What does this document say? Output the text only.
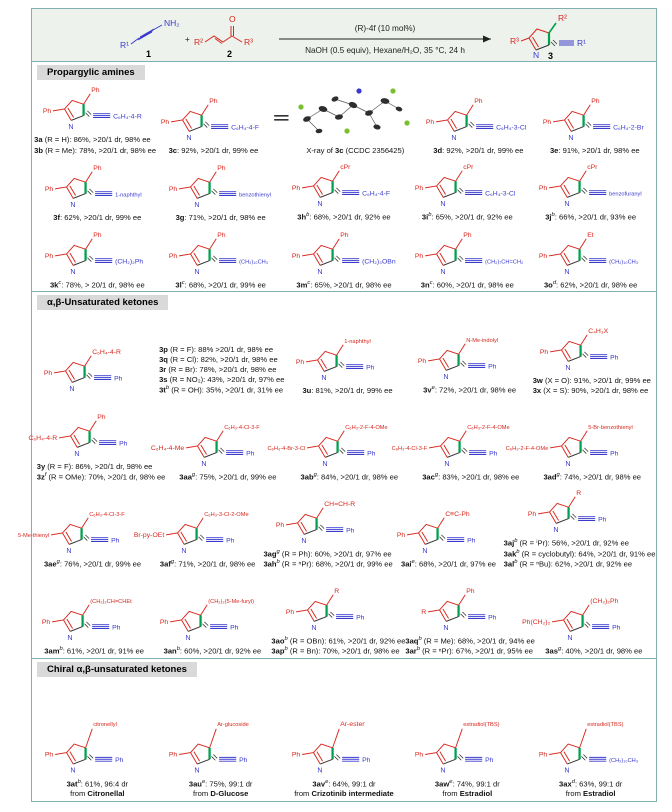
R¹
NH₂
1
+ R²
O
R³
2
(R)-4f (10 mol%)
NaOH (0.5 equiv), Hexane/H₂O, 35 °C, 24 h
R³
R²
N
R¹
3
Propargylic amines
Ph
Ph
C₆H₄-4-R
N
3a (R = H): 86%, >20/1 dr, 98% ee
3b (R = Me): 78%, >20/1 dr, 98% ee
Ph
Ph
C₆H₄-4-F
N
3c: 92%, >20/1 dr, 99% ee
=
X-ray of 3c (CCDC 2356425)
Ph
Ph
C₆H₄-3-Cl
N
3d: 92%, >20/1 dr, 99% ee
Ph
Ph
C₆H₄-2-Br
N
3e: 91%, >20/1 dr, 98% ee
Ph
Ph
1-naphthyl
N
3f: 62%, >20/1 dr, 99% ee
Ph
Ph
benzothienyl
N
3g: 71%, >20/1 dr, 98% ee
Ph
cPr
C₆H₄-4-F
N
$3h^b$: 68%, >20/1 dr, 92% ee
Ph
cPr
C₆H₄-3-Cl
N
$3i^b$: 65%, >20/1 dr, 92% ee
Ph
cPr
benzofuranyl
N
$3j^b$: 66%, >20/1 dr, 93% ee
Ph
Ph
(CH₂)₂Ph
N
$3k^c$: 78%, > 20/1 dr, 98% ee
Ph
Ph
(CH₂)₁₀CH₃
N
$3l^c$: 68%, >20/1 dr, 99% ee
Ph
Ph
(CH₂)₃OBn
N
$3m^c$: 65%, >20/1 dr, 98% ee
Ph
Ph
(CH₂)₇CH=CH₂
N
$3n^c$: 60%, >20/1 dr, 98% ee
Ph
Et
(CH₂)₁₀CH₃
N
$3o^d$: 62%, >20/1 dr, 98% ee
α,β-Unsaturated ketones
Ph
C₆H₄-4-R
Ph
N
3p (R = F): 88% >20/1 dr, 98% ee
3q (R = Cl): 82%, >20/1 dr, 98% ee
3r (R = Br): 78%, >20/1 dr, 98% ee
3s (R = NO₂): 43%, >20/1 dr, 97% ee
$3t^b$ (R = OH): 35%, >20/1 dr, 31% ee
Ph
1-naphthyl
Ph
N
3u: 81%, >20/1 dr, 99% ee
Ph
N-Me-indolyl
Ph
N
$3v^e$: 72%, >20/1 dr, 98% ee
Ph
C₄H₃X
Ph
N
3w (X = O): 91%, >20/1 dr, 99% ee
3x (X = S): 90%, >20/1 dr, 98% ee
C₆H₄-4-R
Ph
Ph
N
3y (R = F): 86%, >20/1 dr, 98% ee
$3z^f$ (R = OMe): 70%, >20/1 dr, 98% ee
C₆H₄-4-Me
C₆H₃-4-Cl-3-F
Ph
N
$3aa^g$: 75%, >20/1 dr, 99% ee
C₆H₃-4-Br-3-Cl
C₆H₃-2-F-4-OMe
Ph
N
$3ab^g$: 84%, >20/1 dr, 98% ee
C₆H₃-4-Cl-3-F
C₆H₃-2-F-4-OMe
Ph
N
$3ac^g$: 83%, >20/1 dr, 98% ee
C₆H₃-2-F-4-OMe
5-Br-benzothienyl
Ph
N
$3ad^g$: 74%, >20/1 dr, 98% ee
5-Me-thienyl
C₆H₃-4-Cl-3-F
Ph
N
$3ae^g$: 76%, >20/1 dr, 99% ee
Br-py-OEt
C₆H₃-3-Cl-2-OMe
Ph
N
$3af^g$: 71%, >20/1 dr, 98% ee
Ph
CH=CH-R
Ph
N
$3ag^g$ (R = Ph): 60%, >20/1 dr, 97% ee
$3ah^b$ (R = ⁿPr): 68%, >20/1 dr, 99% ee
Ph
C≡C-Ph
Ph
N
$3ai^e$: 68%, >20/1 dr, 97% ee
Ph
R
Ph
N
$3aj^b$ (R = ⁱPr): 56%, >20/1 dr, 92% ee
$3ak^b$ (R = cyclobutyl): 64%, >20/1 dr, 91% ee
$3al^b$ (R = ⁿBu): 62%, >20/1 dr, 92% ee
Ph
(CH₂)₂CH=CHEt
Ph
N
$3am^b$: 61%, >20/1 dr, 91% ee
Ph
(CH₂)₂(5-Me-furyl)
Ph
N
$3an^b$: 60%, >20/1 dr, 92% ee
Ph
R
Ph
N
$3ao^b$ (R = OBn): 61%, >20/1 dr, 92% ee
$3ap^b$ (R = Bn): 70%, >20/1 dr, 98% ee
R
Ph
Ph
N
$3aq^b$ (R = Me): 68%, >20/1 dr, 94% ee
$3ar^b$ (R = ⁿPr): 67%, >20/1 dr, 95% ee
Ph(CH₂)₂
(CH₂)₂Ph
Ph
N
$3as^g$: 40%, >20/1 dr, 98% ee
Chiral α,β-unsaturated ketones
Ph
citronellyl
Ph
N
$3at^b$: 61%, 96:4 dr
from Citronellal
Ph
Ar-glucoside
Ph
N
$3au^e$: 75%, 99:1 dr
from D-Glucose
Ph
Ar-ester
Ph
N
$3av^e$: 64%, 99:1 dr
from Crizotinib intermediate
Ph
estradiol(TBS)
Ph
N
$3aw^e$: 74%, 99:1 dr
from Estradiol
Ph
estradiol(TBS)
(CH₂)₁₀CH₃
N
$3ax^d$: 63%, 99:1 dr
from Estradiol
